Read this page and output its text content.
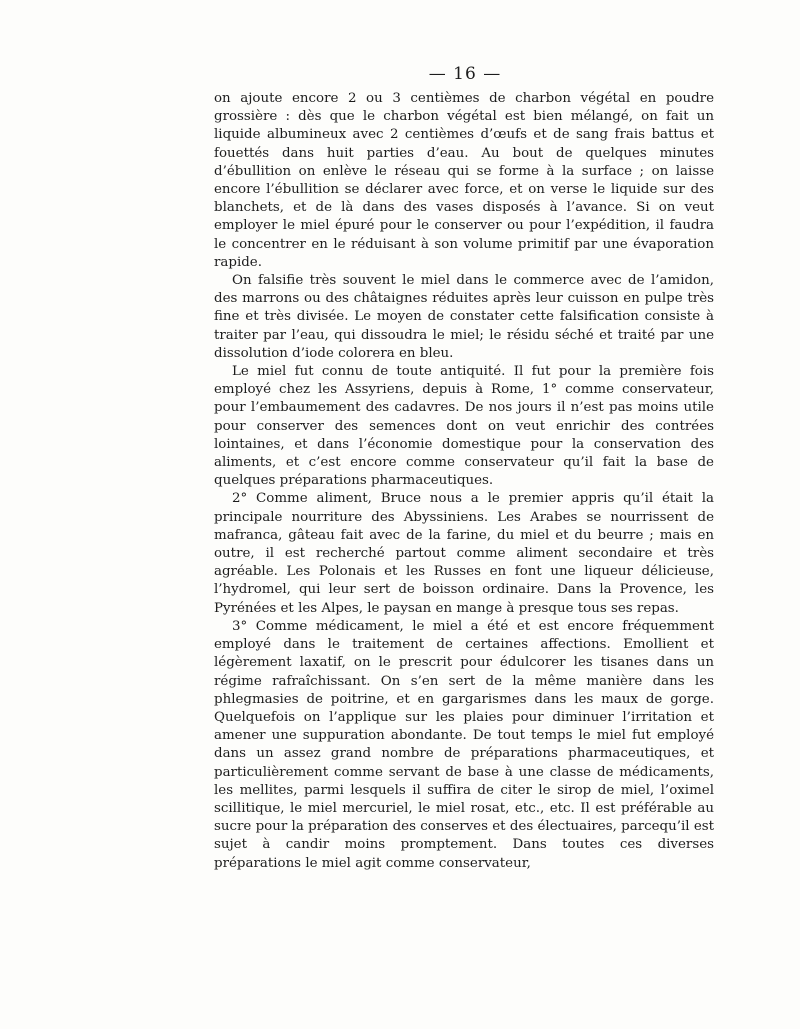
— 16 —

on ajoute encore 2 ou 3 centièmes de charbon végétal en poudre grossière : dès que le charbon végétal est bien mélangé, on fait un liquide albumineux avec 2 centièmes d’œufs et de sang frais battus et fouettés dans huit parties d’eau. Au bout de quelques minutes d’ébullition on enlève le réseau qui se forme à la surface ; on laisse encore l’ébullition se déclarer avec force, et on verse le liquide sur des blanchets, et de là dans des vases disposés à l’avance. Si on veut employer le miel épuré pour le conserver ou pour l’expédition, il faudra le concentrer en le réduisant à son volume primitif par une évaporation rapide.

On falsifie très souvent le miel dans le commerce avec de l’amidon, des marrons ou des châtaignes réduites après leur cuisson en pulpe très fine et très divisée. Le moyen de constater cette falsification consiste à traiter par l’eau, qui dissoudra le miel; le résidu séché et traité par une dissolution d’iode colorera en bleu.

Le miel fut connu de toute antiquité. Il fut pour la première fois employé chez les Assyriens, depuis à Rome, 1° comme conservateur, pour l’embaumement des cadavres. De nos jours il n’est pas moins utile pour conserver des semences dont on veut enrichir des contrées lointaines, et dans l’économie domestique pour la conservation des aliments, et c’est encore comme conservateur qu’il fait la base de quelques préparations pharmaceutiques.

2° Comme aliment, Bruce nous a le premier appris qu’il était la principale nourriture des Abyssiniens. Les Arabes se nourrissent de mafranca, gâteau fait avec de la farine, du miel et du beurre ; mais en outre, il est recherché partout comme aliment secondaire et très agréable. Les Polonais et les Russes en font une liqueur délicieuse, l’hydromel, qui leur sert de boisson ordinaire. Dans la Provence, les Pyrénées et les Alpes, le paysan en mange à presque tous ses repas.

3° Comme médicament, le miel a été et est encore fréquemment employé dans le traitement de certaines affections. Emollient et légèrement laxatif, on le prescrit pour édulcorer les tisanes dans un régime rafraîchissant. On s’en sert de la même manière dans les phlegmasies de poitrine, et en gargarismes dans les maux de gorge. Quelquefois on l’applique sur les plaies pour diminuer l’irritation et amener une suppuration abondante. De tout temps le miel fut employé dans un assez grand nombre de préparations pharmaceutiques, et particulièrement comme servant de base à une classe de médicaments, les mellites, parmi lesquels il suffira de citer le sirop de miel, l’oximel scillitique, le miel mercuriel, le miel rosat, etc., etc. Il est préférable au sucre pour la préparation des conserves et des électuaires, parcequ’il est sujet à candir moins promptement. Dans toutes ces diverses préparations le miel agit comme conservateur,
